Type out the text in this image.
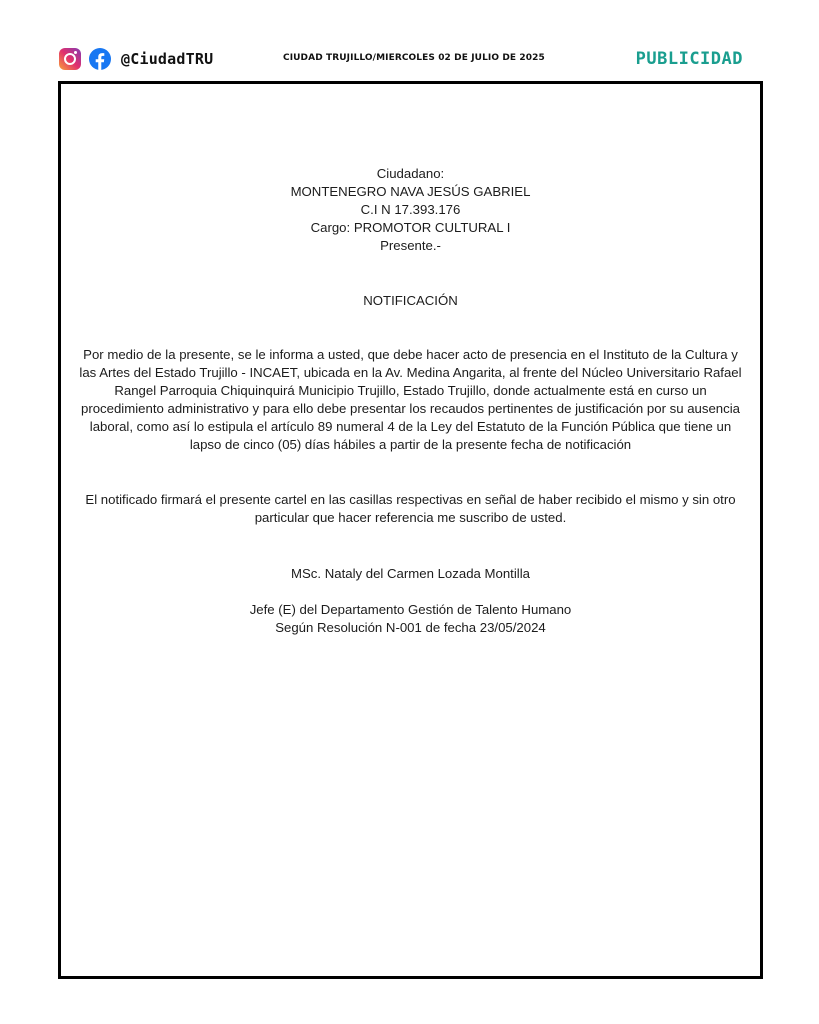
@CiudadTRU	CIUDAD TRUJILLO/MIERCOLES 02 DE JULIO DE 2025	PUBLICIDAD

Ciudadano:

MONTENEGRO NAVA JESÚS GABRIEL

C.I N 17.393.176

Cargo: PROMOTOR CULTURAL I

Presente.-

NOTIFICACIÓN

Por medio de la presente, se le informa a usted, que debe hacer acto de presencia en el Instituto de la Cultura y las Artes del Estado Trujillo - INCAET, ubicada en la Av. Medina Angarita, al frente del Núcleo Universitario Rafael Rangel Parroquia Chiquinquirá Municipio Trujillo, Estado Trujillo, donde actualmente está en curso un procedimiento administrativo y para ello debe presentar los recaudos pertinentes de justificación por su ausencia laboral, como así lo estipula el artículo 89 numeral 4 de la Ley del Estatuto de la Función Pública que tiene un lapso de cinco (05) días hábiles a partir de la presente fecha de notificación

El notificado firmará el presente cartel en las casillas respectivas en señal de haber recibido el mismo y sin otro particular que hacer referencia me suscribo de usted.

MSc. Nataly del Carmen Lozada Montilla

Jefe (E) del Departamento Gestión de Talento Humano

Según Resolución N-001 de fecha 23/05/2024
